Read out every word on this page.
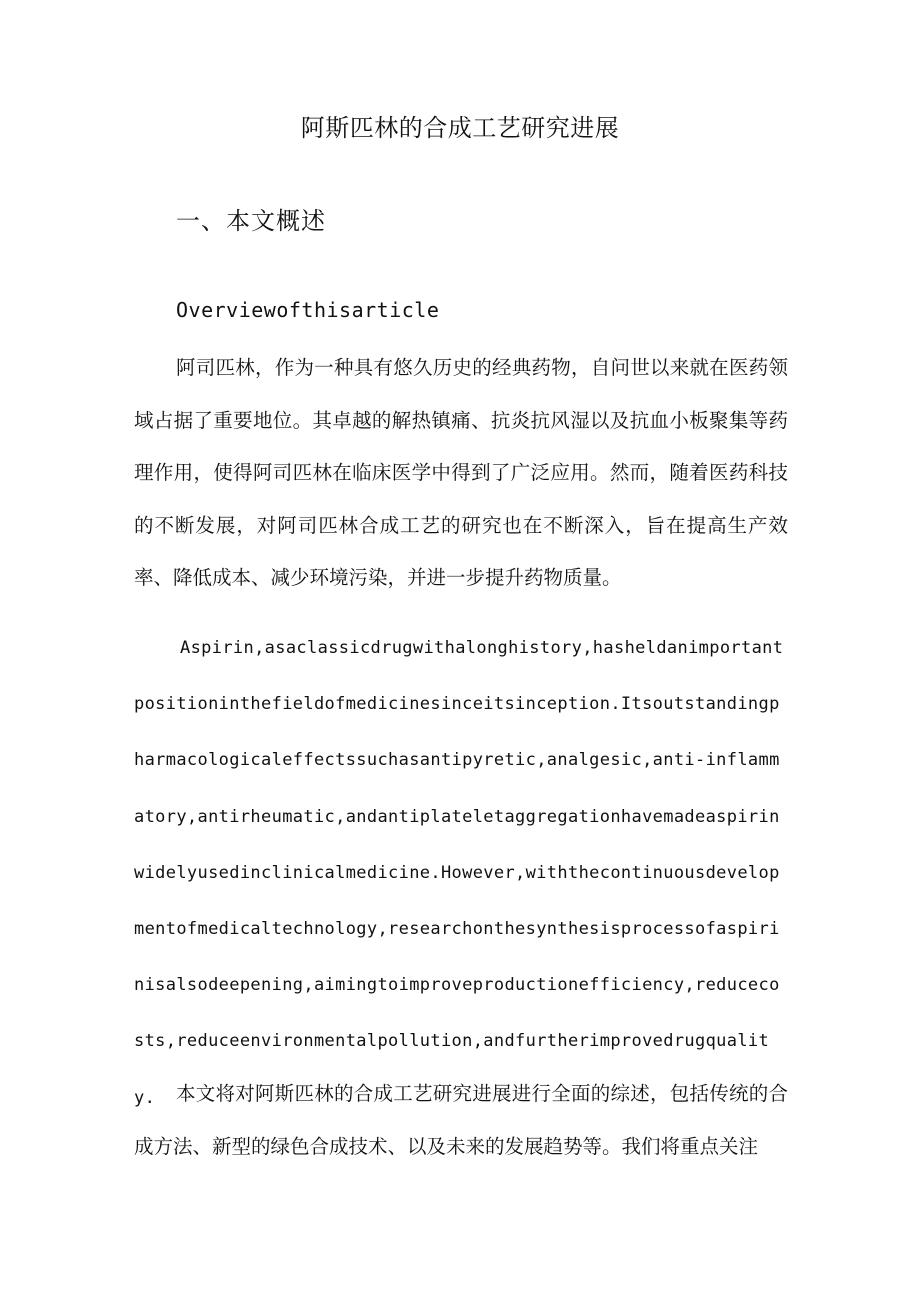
阿斯匹林的合成工艺研究进展
一、本文概述
Overviewofthisarticle

阿司匹林，作为一种具有悠久历史的经典药物，自问世以来就在医药领域占据了重要地位。其卓越的解热镇痛、抗炎抗风湿以及抗血小板聚集等药理作用，使得阿司匹林在临床医学中得到了广泛应用。然而，随着医药科技的不断发展，对阿司匹林合成工艺的研究也在不断深入，旨在提高生产效率、降低成本、减少环境污染，并进一步提升药物质量。

Aspirin,asaclassicdrugwithalonghistory,hasheldanimportantpositioninthefieldofmedicinesinceitsinception.Itsoutstandingpharmacologicaleffectssuchasantipyretic,analgesic,anti-inflammatory,antirheumatic,andantiplateletaggregationhavemadeaspirinwidelyusedinclinicalmedicine.However,withthecontinuousdevelopmentofmedicaltechnology,researchonthesynthesisprocessofaspirinisalsodeepening,aimingtoimproveproductionefficiency,reducecosts,reduceenvironmentalpollution,andfurtherimprovedrugquality.	本文将对阿斯匹林的合成工艺研究进展进行全面的综述，包括传统的合成方法、新型的绿色合成技术、以及未来的发展趋势等。我们将重点关注
